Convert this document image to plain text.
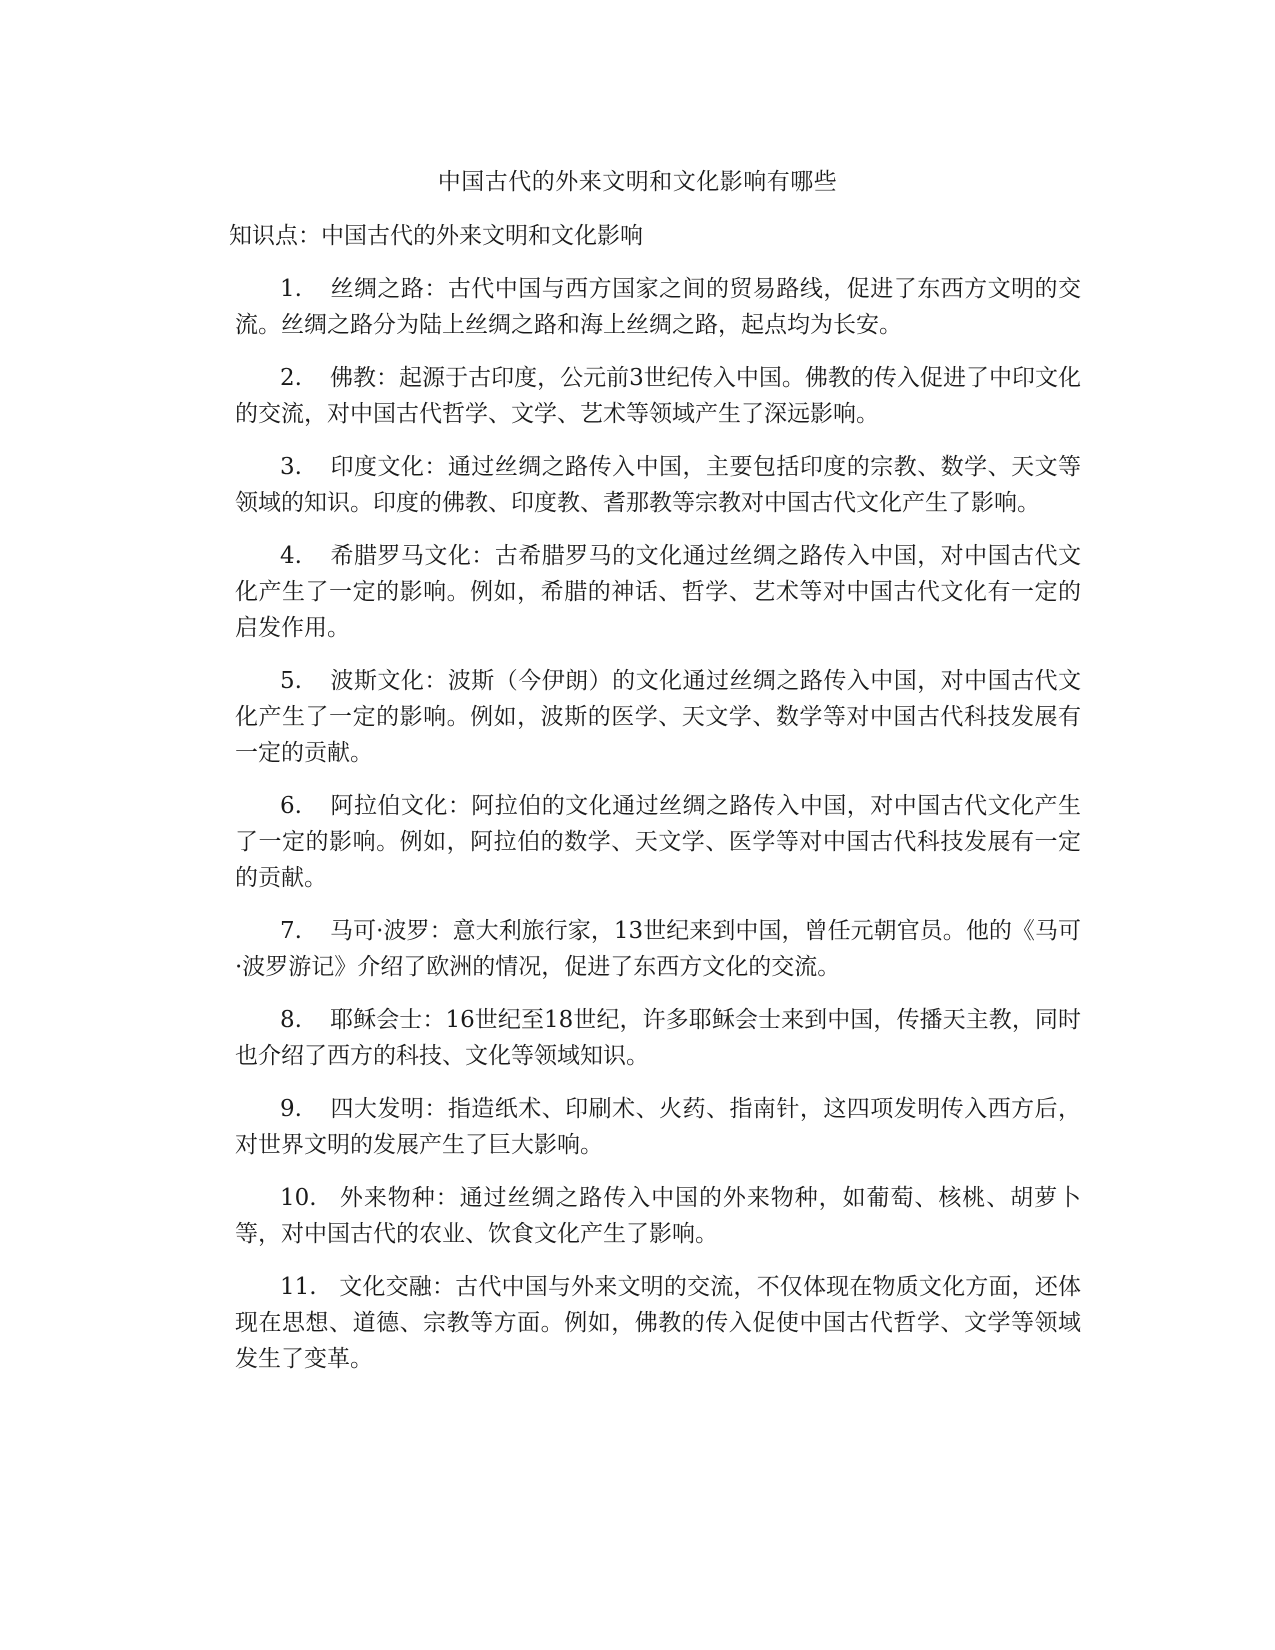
中国古代的外来文明和文化影响有哪些
知识点：中国古代的外来文明和文化影响
1. 丝绸之路：古代中国与西方国家之间的贸易路线，促进了东西方文明的交流。丝绸之路分为陆上丝绸之路和海上丝绸之路，起点均为长安。
2. 佛教：起源于古印度，公元前3世纪传入中国。佛教的传入促进了中印文化的交流，对中国古代哲学、文学、艺术等领域产生了深远影响。
3. 印度文化：通过丝绸之路传入中国，主要包括印度的宗教、数学、天文等领域的知识。印度的佛教、印度教、耆那教等宗教对中国古代文化产生了影响。
4. 希腊罗马文化：古希腊罗马的文化通过丝绸之路传入中国，对中国古代文化产生了一定的影响。例如，希腊的神话、哲学、艺术等对中国古代文化有一定的启发作用。
5. 波斯文化：波斯（今伊朗）的文化通过丝绸之路传入中国，对中国古代文化产生了一定的影响。例如，波斯的医学、天文学、数学等对中国古代科技发展有一定的贡献。
6. 阿拉伯文化：阿拉伯的文化通过丝绸之路传入中国，对中国古代文化产生了一定的影响。例如，阿拉伯的数学、天文学、医学等对中国古代科技发展有一定的贡献。
7. 马可·波罗：意大利旅行家，13世纪来到中国，曾任元朝官员。他的《马可·波罗游记》介绍了欧洲的情况，促进了东西方文化的交流。
8. 耶稣会士：16世纪至18世纪，许多耶稣会士来到中国，传播天主教，同时也介绍了西方的科技、文化等领域知识。
9. 四大发明：指造纸术、印刷术、火药、指南针，这四项发明传入西方后，对世界文明的发展产生了巨大影响。
10. 外来物种：通过丝绸之路传入中国的外来物种，如葡萄、核桃、胡萝卜等，对中国古代的农业、饮食文化产生了影响。
11. 文化交融：古代中国与外来文明的交流，不仅体现在物质文化方面，还体现在思想、道德、宗教等方面。例如，佛教的传入促使中国古代哲学、文学等领域发生了变革。
